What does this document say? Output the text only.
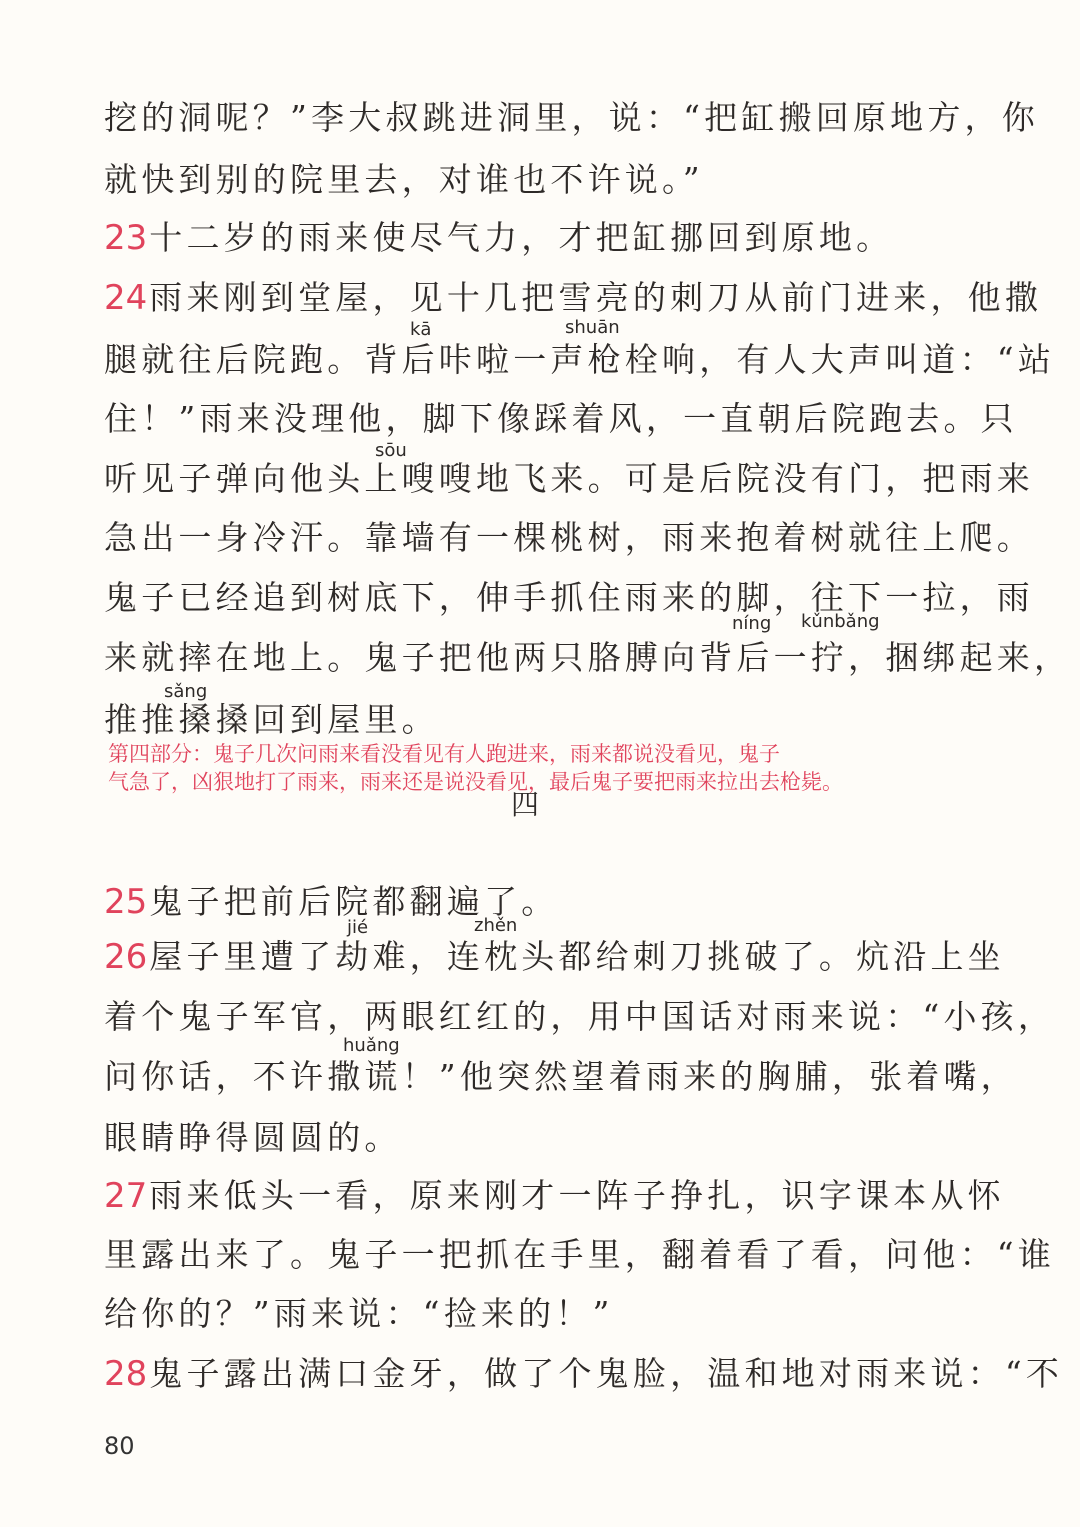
挖的洞呢？”李大叔跳进洞里，说：“把缸搬回原地方，你
就快到别的院里去，对谁也不许说。”
23十二岁的雨来使尽气力，才把缸挪回到原地。
24雨来刚到堂屋，见十几把雪亮的刺刀从前门进来，他撒
腿就往后院跑。背后咔啦一声枪栓响，有人大声叫道：“站
住！”雨来没理他，脚下像踩着风，一直朝后院跑去。只
听见子弹向他头上嗖嗖地飞来。可是后院没有门，把雨来
急出一身冷汗。靠墙有一棵桃树，雨来抱着树就往上爬。
鬼子已经追到树底下，伸手抓住雨来的脚，往下一拉，雨
来就摔在地上。鬼子把他两只胳膊向背后一拧，捆绑起来，
推推搡搡回到屋里。
第四部分：鬼子几次问雨来看没看见有人跑进来，雨来都说没看见，鬼子
气急了，凶狠地打了雨来，雨来还是说没看见，最后鬼子要把雨来拉出去枪毙。
四
25鬼子把前后院都翻遍了。
26屋子里遭了劫难，连枕头都给刺刀挑破了。炕沿上坐
着个鬼子军官，两眼红红的，用中国话对雨来说：“小孩，
问你话，不许撒谎！”他突然望着雨来的胸脯，张着嘴，
眼睛睁得圆圆的。
27雨来低头一看，原来刚才一阵子挣扎，识字课本从怀
里露出来了。鬼子一把抓在手里，翻着看了看，问他：“谁
给你的？”雨来说：“捡来的！”
28鬼子露出满口金牙，做了个鬼脸，温和地对雨来说：“不
kā	shuān
sōu
níng kǔnbǎng
sǎng
jié	zhěn
huǎng
80
